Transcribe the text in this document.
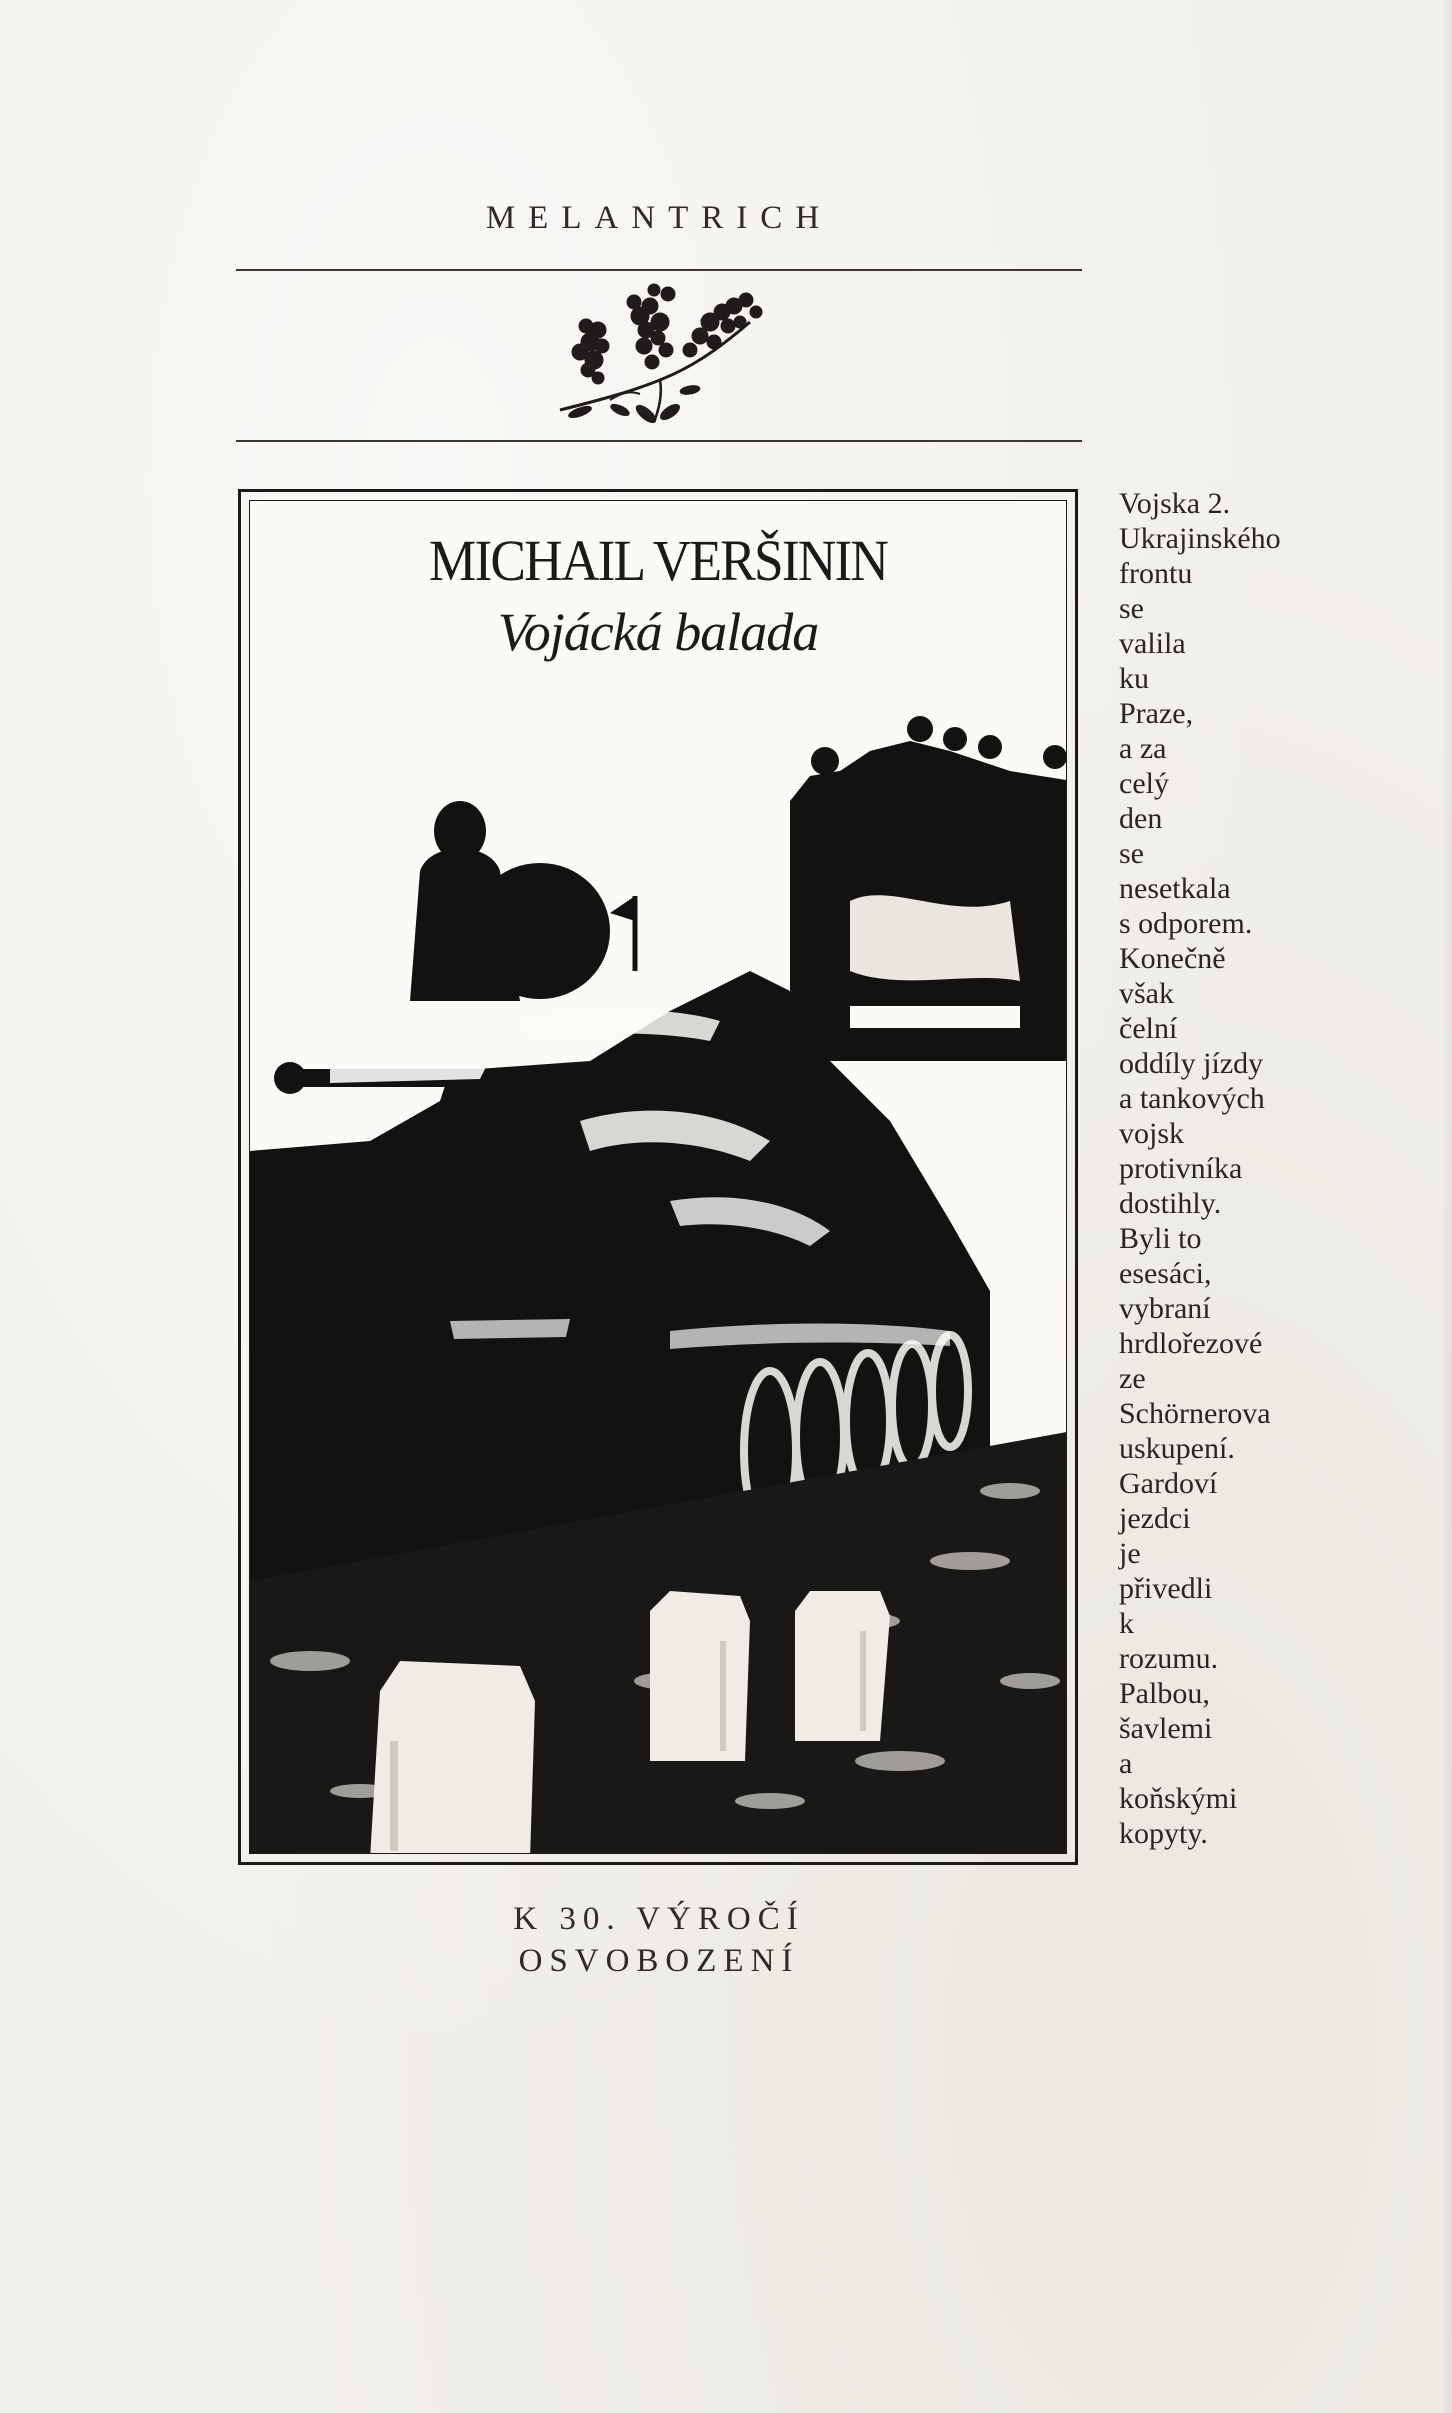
MELANTRICH
MICHAIL VERŠININ
Vojácká balada
Vojska 2.
Ukrajinského
frontu
se
valila
ku
Praze,
a za
celý
den
se
nesetkala
s odporem.
Konečně
však
čelní
oddíly jízdy
a tankových
vojsk
protivníka
dostihly.
Byli to
esesáci,
vybraní
hrdlořezové
ze
Schörnerova
uskupení.
Gardoví
jezdci
je
přivedli
k
rozumu.
Palbou,
šavlemi
a
koňskými
kopyty.
K 30. VÝROČÍ
OSVOBOZENÍ
